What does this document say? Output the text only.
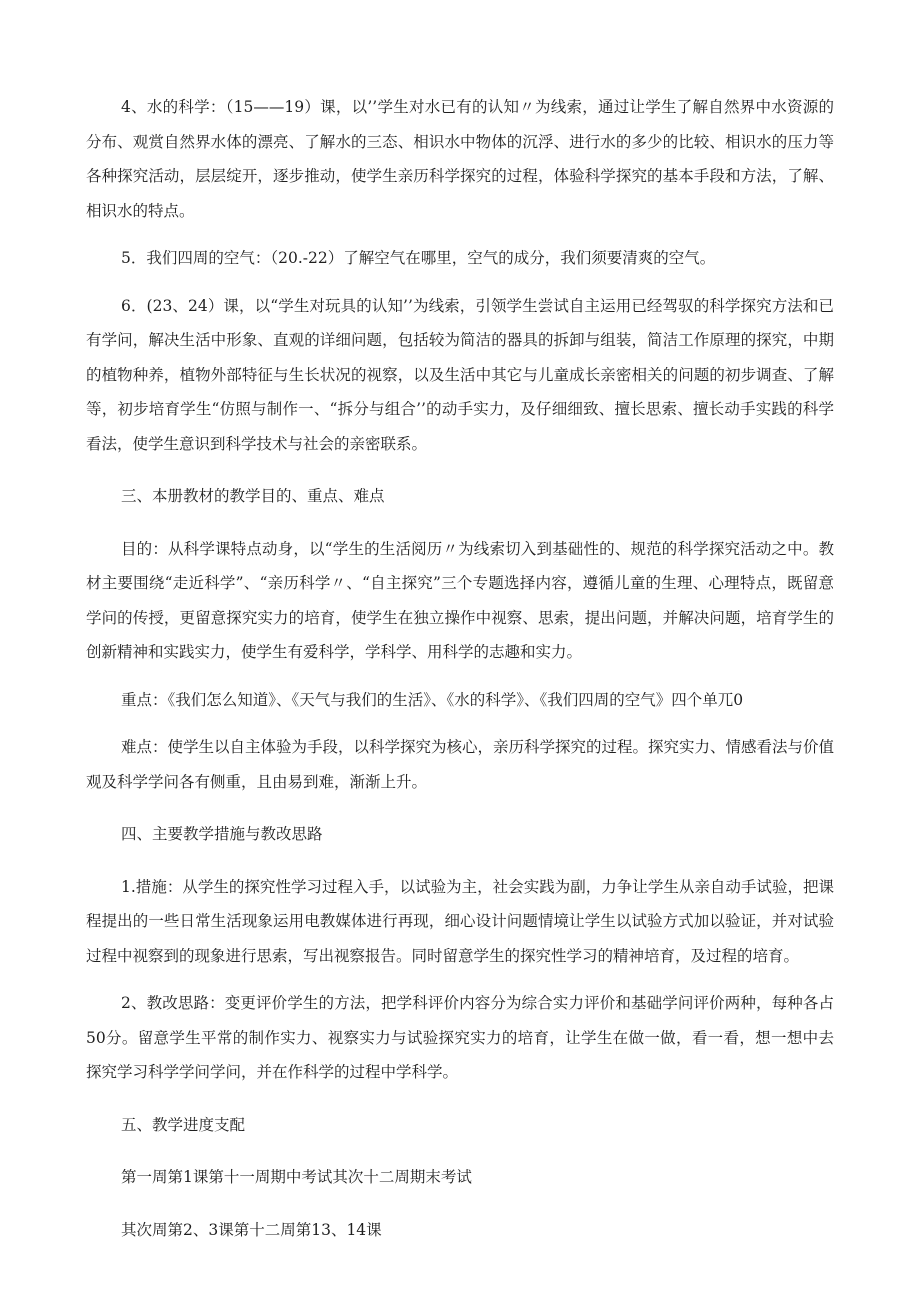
4、水的科学：（15——19）课，以’’学生对水已有的认知〃为线索，通过让学生了解自然界中水资源的分布、观赏自然界水体的漂亮、了解水的三态、相识水中物体的沉浮、进行水的多少的比较、相识水的压力等各种探究活动，层层绽开，逐步推动，使学生亲历科学探究的过程，体验科学探究的基本手段和方法，了解、相识水的特点。

5．我们四周的空气：（20.-22）了解空气在哪里，空气的成分，我们须要清爽的空气。

6．(23、24）课，以“学生对玩具的认知’’为线索，引领学生尝试自主运用已经驾驭的科学探究方法和已有学问，解决生活中形象、直观的详细问题，包括较为简洁的器具的拆卸与组装，简洁工作原理的探究，中期的植物种养，植物外部特征与生长状况的视察，以及生活中其它与儿童成长亲密相关的问题的初步调查、了解等，初步培育学生“仿照与制作一、“拆分与组合’’的动手实力，及仔细细致、擅长思索、擅长动手实践的科学看法，使学生意识到科学技术与社会的亲密联系。

三、本册教材的教学目的、重点、难点

目的：从科学课特点动身，以“学生的生活阅历〃为线索切入到基础性的、规范的科学探究活动之中。教材主要围绕“走近科学”、“亲历科学〃、“自主探究”三个专题选择内容，遵循儿童的生理、心理特点，既留意学问的传授，更留意探究实力的培育，使学生在独立操作中视察、思索，提出问题，并解决问题，培育学生的创新精神和实践实力，使学生有爱科学，学科学、用科学的志趣和实力。

重点：《我们怎么知道》、《天气与我们的生活》、《水的科学》、《我们四周的空气》四个单兀0

难点：使学生以自主体验为手段，以科学探究为核心，亲历科学探究的过程。探究实力、情感看法与价值观及科学学问各有侧重，且由易到难，渐渐上升。

四、主要教学措施与教改思路

1.措施：从学生的探究性学习过程入手，以试验为主，社会实践为副，力争让学生从亲自动手试验，把课程提出的一些日常生活现象运用电教媒体进行再现，细心设计问题情境让学生以试验方式加以验证，并对试验过程中视察到的现象进行思索，写出视察报告。同时留意学生的探究性学习的精神培育，及过程的培育。

2、教改思路：变更评价学生的方法，把学科评价内容分为综合实力评价和基础学问评价两种，每种各占50分。留意学生平常的制作实力、视察实力与试验探究实力的培育，让学生在做一做，看一看，想一想中去探究学习科学学问学问，并在作科学的过程中学科学。

五、教学进度支配

第一周第1课第十一周期中考试其次十二周期末考试

其次周第2、3课第十二周第13、14课
